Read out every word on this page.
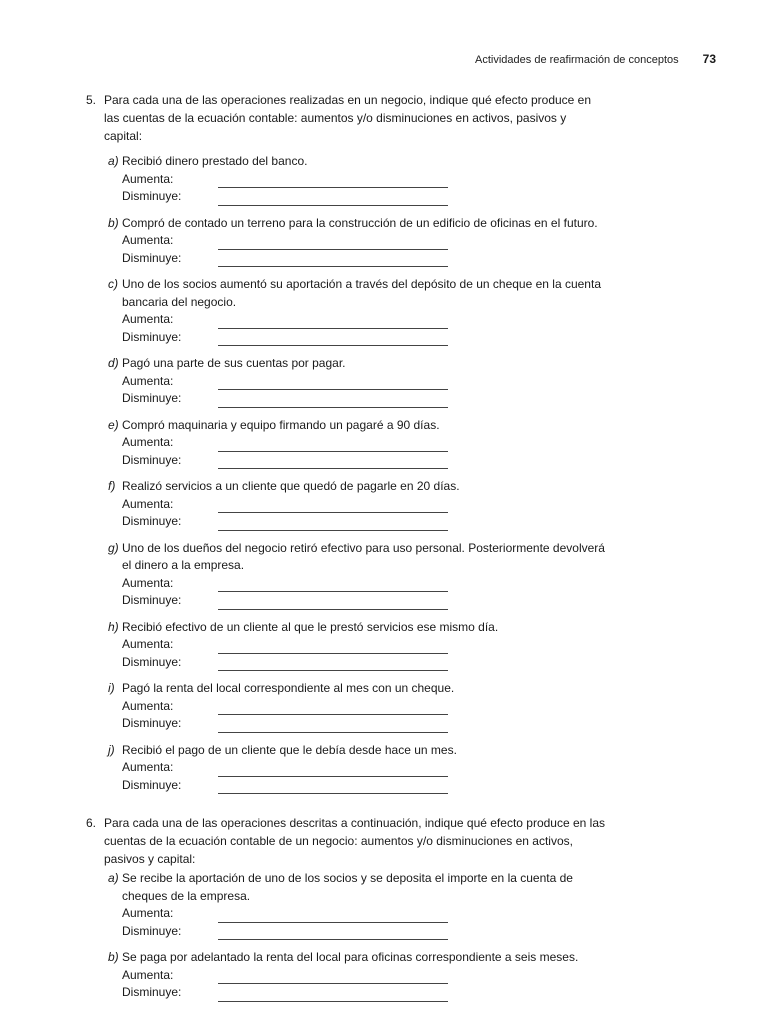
Actividades de reafirmación de conceptos 73
5. Para cada una de las operaciones realizadas en un negocio, indique qué efecto produce en las cuentas de la ecuación contable: aumentos y/o disminuciones en activos, pasivos y capital:
a) Recibió dinero prestado del banco.
Aumenta:
Disminuye:
b) Compró de contado un terreno para la construcción de un edificio de oficinas en el futuro.
Aumenta:
Disminuye:
c) Uno de los socios aumentó su aportación a través del depósito de un cheque en la cuenta bancaria del negocio.
Aumenta:
Disminuye:
d) Pagó una parte de sus cuentas por pagar.
Aumenta:
Disminuye:
e) Compró maquinaria y equipo firmando un pagaré a 90 días.
Aumenta:
Disminuye:
f) Realizó servicios a un cliente que quedó de pagarle en 20 días.
Aumenta:
Disminuye:
g) Uno de los dueños del negocio retiró efectivo para uso personal. Posteriormente devolverá el dinero a la empresa.
Aumenta:
Disminuye:
h) Recibió efectivo de un cliente al que le prestó servicios ese mismo día.
Aumenta:
Disminuye:
i) Pagó la renta del local correspondiente al mes con un cheque.
Aumenta:
Disminuye:
j) Recibió el pago de un cliente que le debía desde hace un mes.
Aumenta:
Disminuye:
6. Para cada una de las operaciones descritas a continuación, indique qué efecto produce en las cuentas de la ecuación contable de un negocio: aumentos y/o disminuciones en activos, pasivos y capital:
a) Se recibe la aportación de uno de los socios y se deposita el importe en la cuenta de cheques de la empresa.
Aumenta:
Disminuye:
b) Se paga por adelantado la renta del local para oficinas correspondiente a seis meses.
Aumenta:
Disminuye:
